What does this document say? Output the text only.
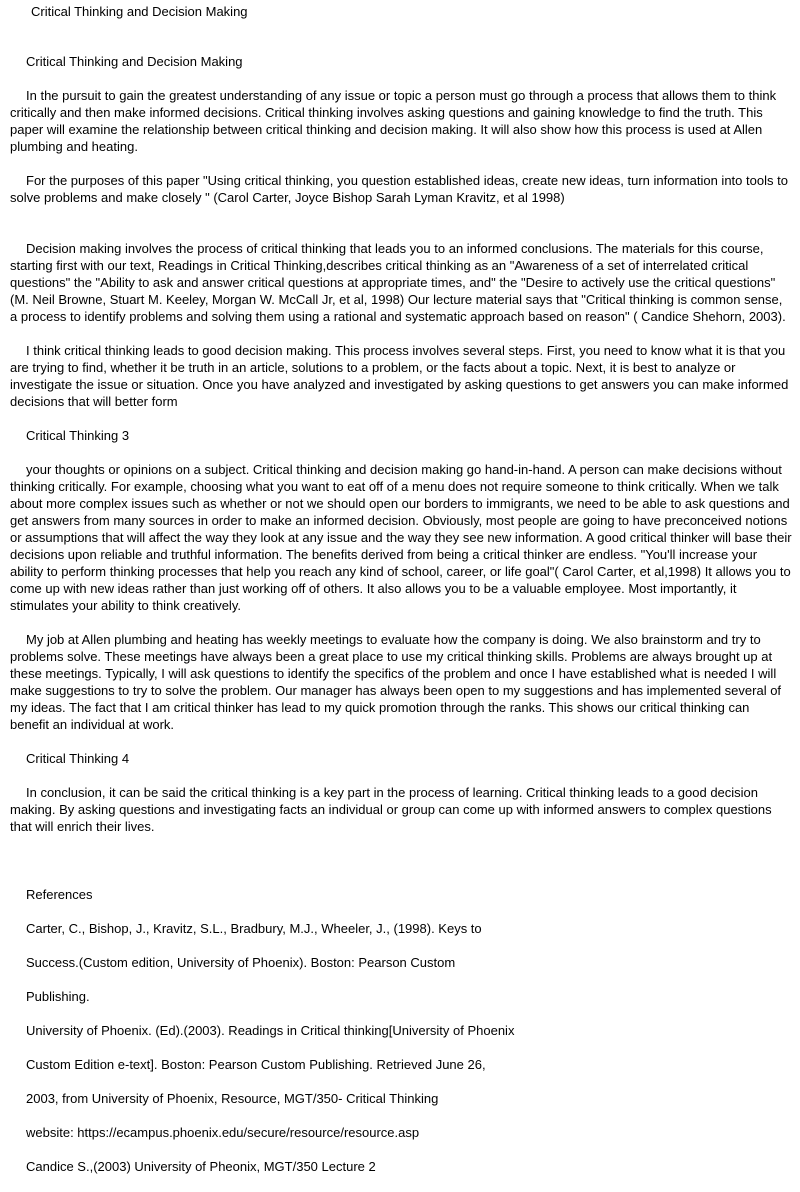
Critical Thinking and Decision Making

Critical Thinking and Decision Making

In the pursuit to gain the greatest understanding of any issue or topic a person must go through a process that allows them to think critically and then make informed decisions. Critical thinking involves asking questions and gaining knowledge to find the truth. This paper will examine the relationship between critical thinking and decision making. It will also show how this process is used at Allen plumbing and heating.

For the purposes of this paper "Using critical thinking, you question established ideas, create new ideas, turn information into tools to solve problems and make closely " (Carol Carter, Joyce Bishop Sarah Lyman Kravitz, et al 1998)

Decision making involves the process of critical thinking that leads you to an informed conclusions. The materials for this course, starting first with our text, Readings in Critical Thinking,describes critical thinking as an "Awareness of a set of interrelated critical questions" the "Ability to ask and answer critical questions at appropriate times, and" the "Desire to actively use the critical questions"(M. Neil Browne, Stuart M. Keeley, Morgan W. McCall Jr, et al, 1998) Our lecture material says that "Critical thinking is common sense, a process to identify problems and solving them using a rational and systematic approach based on reason" ( Candice Shehorn, 2003).

I think critical thinking leads to good decision making. This process involves several steps. First, you need to know what it is that you are trying to find, whether it be truth in an article, solutions to a problem, or the facts about a topic. Next, it is best to analyze or investigate the issue or situation. Once you have analyzed and investigated by asking questions to get answers you can make informed decisions that will better form

Critical Thinking 3

your thoughts or opinions on a subject. Critical thinking and decision making go hand-in-hand. A person can make decisions without thinking critically. For example, choosing what you want to eat off of a menu does not require someone to think critically. When we talk about more complex issues such as whether or not we should open our borders to immigrants, we need to be able to ask questions and get answers from many sources in order to make an informed decision. Obviously, most people are going to have preconceived notions or assumptions that will affect the way they look at any issue and the way they see new information. A good critical thinker will base their decisions upon reliable and truthful information. The benefits derived from being a critical thinker are endless. "You'll increase your ability to perform thinking processes that help you reach any kind of school, career, or life goal"( Carol Carter, et al,1998) It allows you to come up with new ideas rather than just working off of others. It also allows you to be a valuable employee. Most importantly, it stimulates your ability to think creatively.

My job at Allen plumbing and heating has weekly meetings to evaluate how the company is doing. We also brainstorm and try to problems solve. These meetings have always been a great place to use my critical thinking skills. Problems are always brought up at these meetings. Typically, I will ask questions to identify the specifics of the problem and once I have established what is needed I will make suggestions to try to solve the problem. Our manager has always been open to my suggestions and has implemented several of my ideas. The fact that I am critical thinker has lead to my quick promotion through the ranks. This shows our critical thinking can benefit an individual at work.

Critical Thinking 4

In conclusion, it can be said the critical thinking is a key part in the process of learning. Critical thinking leads to a good decision making. By asking questions and investigating facts an individual or group can come up with informed answers to complex questions that will enrich their lives.

References

Carter, C., Bishop, J., Kravitz, S.L., Bradbury, M.J., Wheeler, J., (1998). Keys to

Success.(Custom edition, University of Phoenix). Boston: Pearson Custom

Publishing.

University of Phoenix. (Ed).(2003). Readings in Critical thinking[University of Phoenix

Custom Edition e-text]. Boston: Pearson Custom Publishing. Retrieved June 26,

2003, from University of Phoenix, Resource, MGT/350- Critical Thinking

website: https://ecampus.phoenix.edu/secure/resource/resource.asp

Candice S.,(2003) University of Pheonix, MGT/350 Lecture 2
